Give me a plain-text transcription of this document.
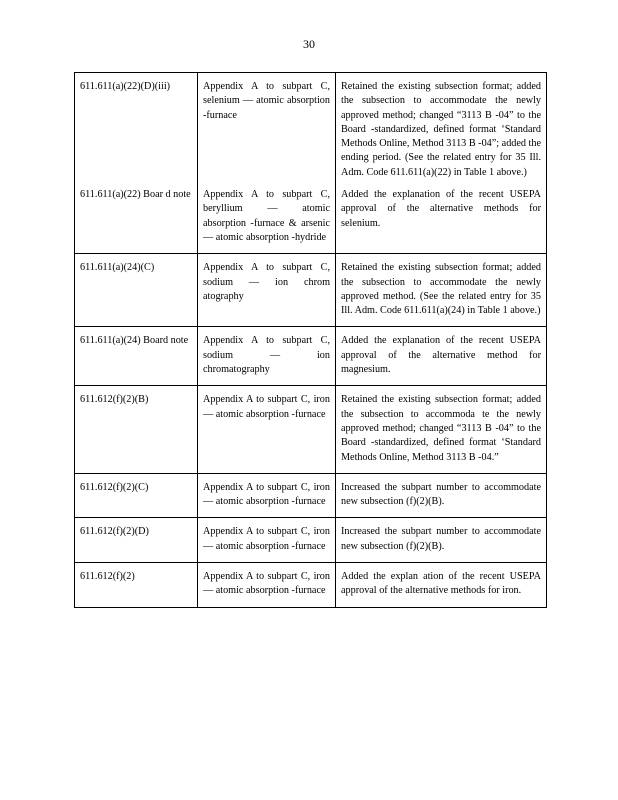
30
611.611(a)(22)(D)(iii)	Appendix A to subpart C, selenium — atomic absorption -furnace	Retained the existing subsection format; added the subsection to accommodate the newly approved method; changed “3113 B -04” to the Board -standardized, defined format ‘Standard Methods Online, Method 3113 B -04”; added the ending period. (See the related entry for 35 Ill. Adm. Code 611.611(a)(22) in Table 1 above.)

611.611(a)(22) Boar d note	Appendix A to subpart C, beryllium — atomic absorption -furnace & arsenic — atomic absorption -hydride	Added the explanation of the recent USEPA approval of the alternative methods for selenium.

611.611(a)(24)(C)	Appendix A to subpart C, sodium — ion chrom atography	Retained the existing subsection format; added the subsection to accommodate the newly approved method. (See the related entry for 35 Ill. Adm. Code 611.611(a)(24) in Table 1 above.)

611.611(a)(24) Board note	Appendix A to subpart C, sodium — ion chromatography	Added the explanation of the recent USEPA approval of the alternative method for magnesium.

611.612(f)(2)(B)	Appendix A to subpart C, iron — atomic absorption -furnace	Retained the existing subsection format; added the subsection to accommoda te the newly approved method; changed “3113 B -04” to the Board -standardized, defined format ‘Standard Methods Online, Method 3113 B -04.”

611.612(f)(2)(C)	Appendix A to subpart C, iron — atomic absorption -furnace	Increased the subpart number to accommodate new subsection (f)(2)(B).

611.612(f)(2)(D)	Appendix A to subpart C, iron — atomic absorption -furnace	Increased the subpart number to accommodate new subsection (f)(2)(B).

611.612(f)(2)	Appendix A to subpart C, iron — atomic absorption -furnace	Added the explan ation of the recent USEPA approval of the alternative methods for iron.
